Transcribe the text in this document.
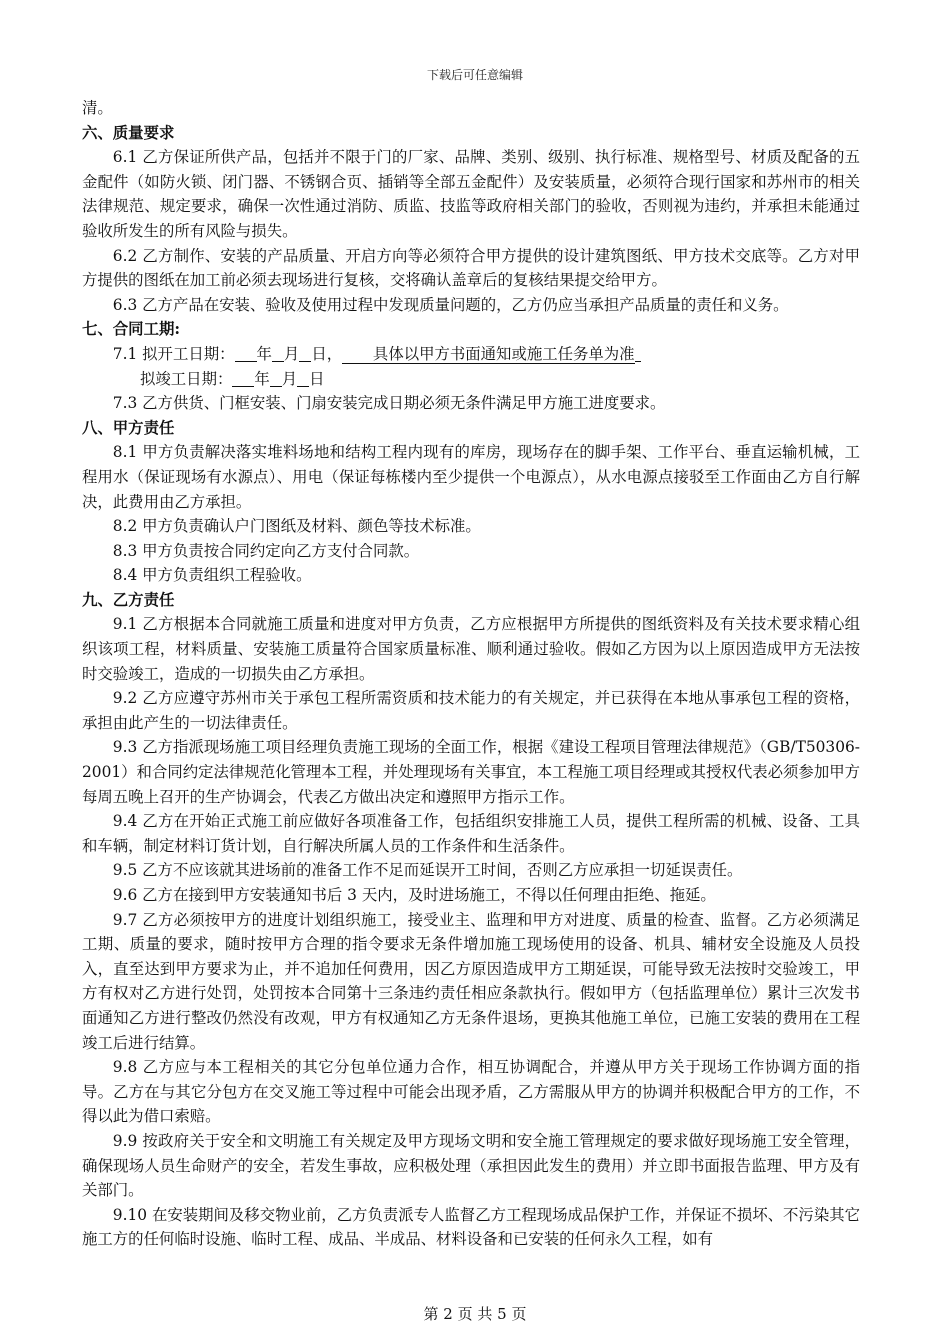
下载后可任意编辑

清。

六、质量要求

6.1 乙方保证所供产品，包括并不限于门的厂家、品牌、类别、级别、执行标准、规格型号、材质及配备的五金配件（如防火锁、闭门器、不锈钢合页、插销等全部五金配件）及安装质量，必须符合现行国家和苏州市的相关法律规范、规定要求，确保一次性通过消防、质监、技监等政府相关部门的验收，否则视为违约，并承担未能通过验收所发生的所有风险与损失。

6.2 乙方制作、安装的产品质量、开启方向等必须符合甲方提供的设计建筑图纸、甲方技术交底等。乙方对甲方提供的图纸在加工前必须去现场进行复核，交将确认盖章后的复核结果提交给甲方。

6.3 乙方产品在安装、验收及使用过程中发现质量问题的，乙方仍应当承担产品质量的责任和义务。

七、合同工期:

7.1 拟开工日期： 年 月 日， 具体以甲方书面通知或施工任务单为准

拟竣工日期： 年 月 日

7.3 乙方供货、门框安装、门扇安装完成日期必须无条件满足甲方施工进度要求。

八、甲方责任

8.1 甲方负责解决落实堆料场地和结构工程内现有的库房，现场存在的脚手架、工作平台、垂直运输机械，工程用水（保证现场有水源点）、用电（保证每栋楼内至少提供一个电源点），从水电源点接驳至工作面由乙方自行解决，此费用由乙方承担。

8.2 甲方负责确认户门图纸及材料、颜色等技术标准。

8.3 甲方负责按合同约定向乙方支付合同款。

8.4 甲方负责组织工程验收。

九、乙方责任

9.1 乙方根据本合同就施工质量和进度对甲方负责，乙方应根据甲方所提供的图纸资料及有关技术要求精心组织该项工程，材料质量、安装施工质量符合国家质量标准、顺利通过验收。假如乙方因为以上原因造成甲方无法按时交验竣工，造成的一切损失由乙方承担。

9.2 乙方应遵守苏州市关于承包工程所需资质和技术能力的有关规定，并已获得在本地从事承包工程的资格，承担由此产生的一切法律责任。

9.3 乙方指派现场施工项目经理负责施工现场的全面工作，根据《建设工程项目管理法律规范》（GB/T50306-2001）和合同约定法律规范化管理本工程，并处理现场有关事宜，本工程施工项目经理或其授权代表必须参加甲方每周五晚上召开的生产协调会，代表乙方做出决定和遵照甲方指示工作。

9.4 乙方在开始正式施工前应做好各项准备工作，包括组织安排施工人员，提供工程所需的机械、设备、工具和车辆，制定材料订货计划，自行解决所属人员的工作条件和生活条件。

9.5 乙方不应该就其进场前的准备工作不足而延误开工时间，否则乙方应承担一切延误责任。

9.6 乙方在接到甲方安装通知书后 3 天内，及时进场施工，不得以任何理由拒绝、拖延。

9.7 乙方必须按甲方的进度计划组织施工，接受业主、监理和甲方对进度、质量的检查、监督。乙方必须满足工期、质量的要求，随时按甲方合理的指令要求无条件增加施工现场使用的设备、机具、辅材安全设施及人员投入，直至达到甲方要求为止，并不追加任何费用，因乙方原因造成甲方工期延误，可能导致无法按时交验竣工，甲方有权对乙方进行处罚，处罚按本合同第十三条违约责任相应条款执行。假如甲方（包括监理单位）累计三次发书面通知乙方进行整改仍然没有改观，甲方有权通知乙方无条件退场，更换其他施工单位，已施工安装的费用在工程竣工后进行结算。

9.8 乙方应与本工程相关的其它分包单位通力合作，相互协调配合，并遵从甲方关于现场工作协调方面的指导。乙方在与其它分包方在交叉施工等过程中可能会出现矛盾，乙方需服从甲方的协调并积极配合甲方的工作，不得以此为借口索赔。

9.9 按政府关于安全和文明施工有关规定及甲方现场文明和安全施工管理规定的要求做好现场施工安全管理，确保现场人员生命财产的安全，若发生事故，应积极处理（承担因此发生的费用）并立即书面报告监理、甲方及有关部门。

9.10 在安装期间及移交物业前，乙方负责派专人监督乙方工程现场成品保护工作，并保证不损坏、不污染其它施工方的任何临时设施、临时工程、成品、半成品、材料设备和已安装的任何永久工程，如有

第 2 页 共 5 页
